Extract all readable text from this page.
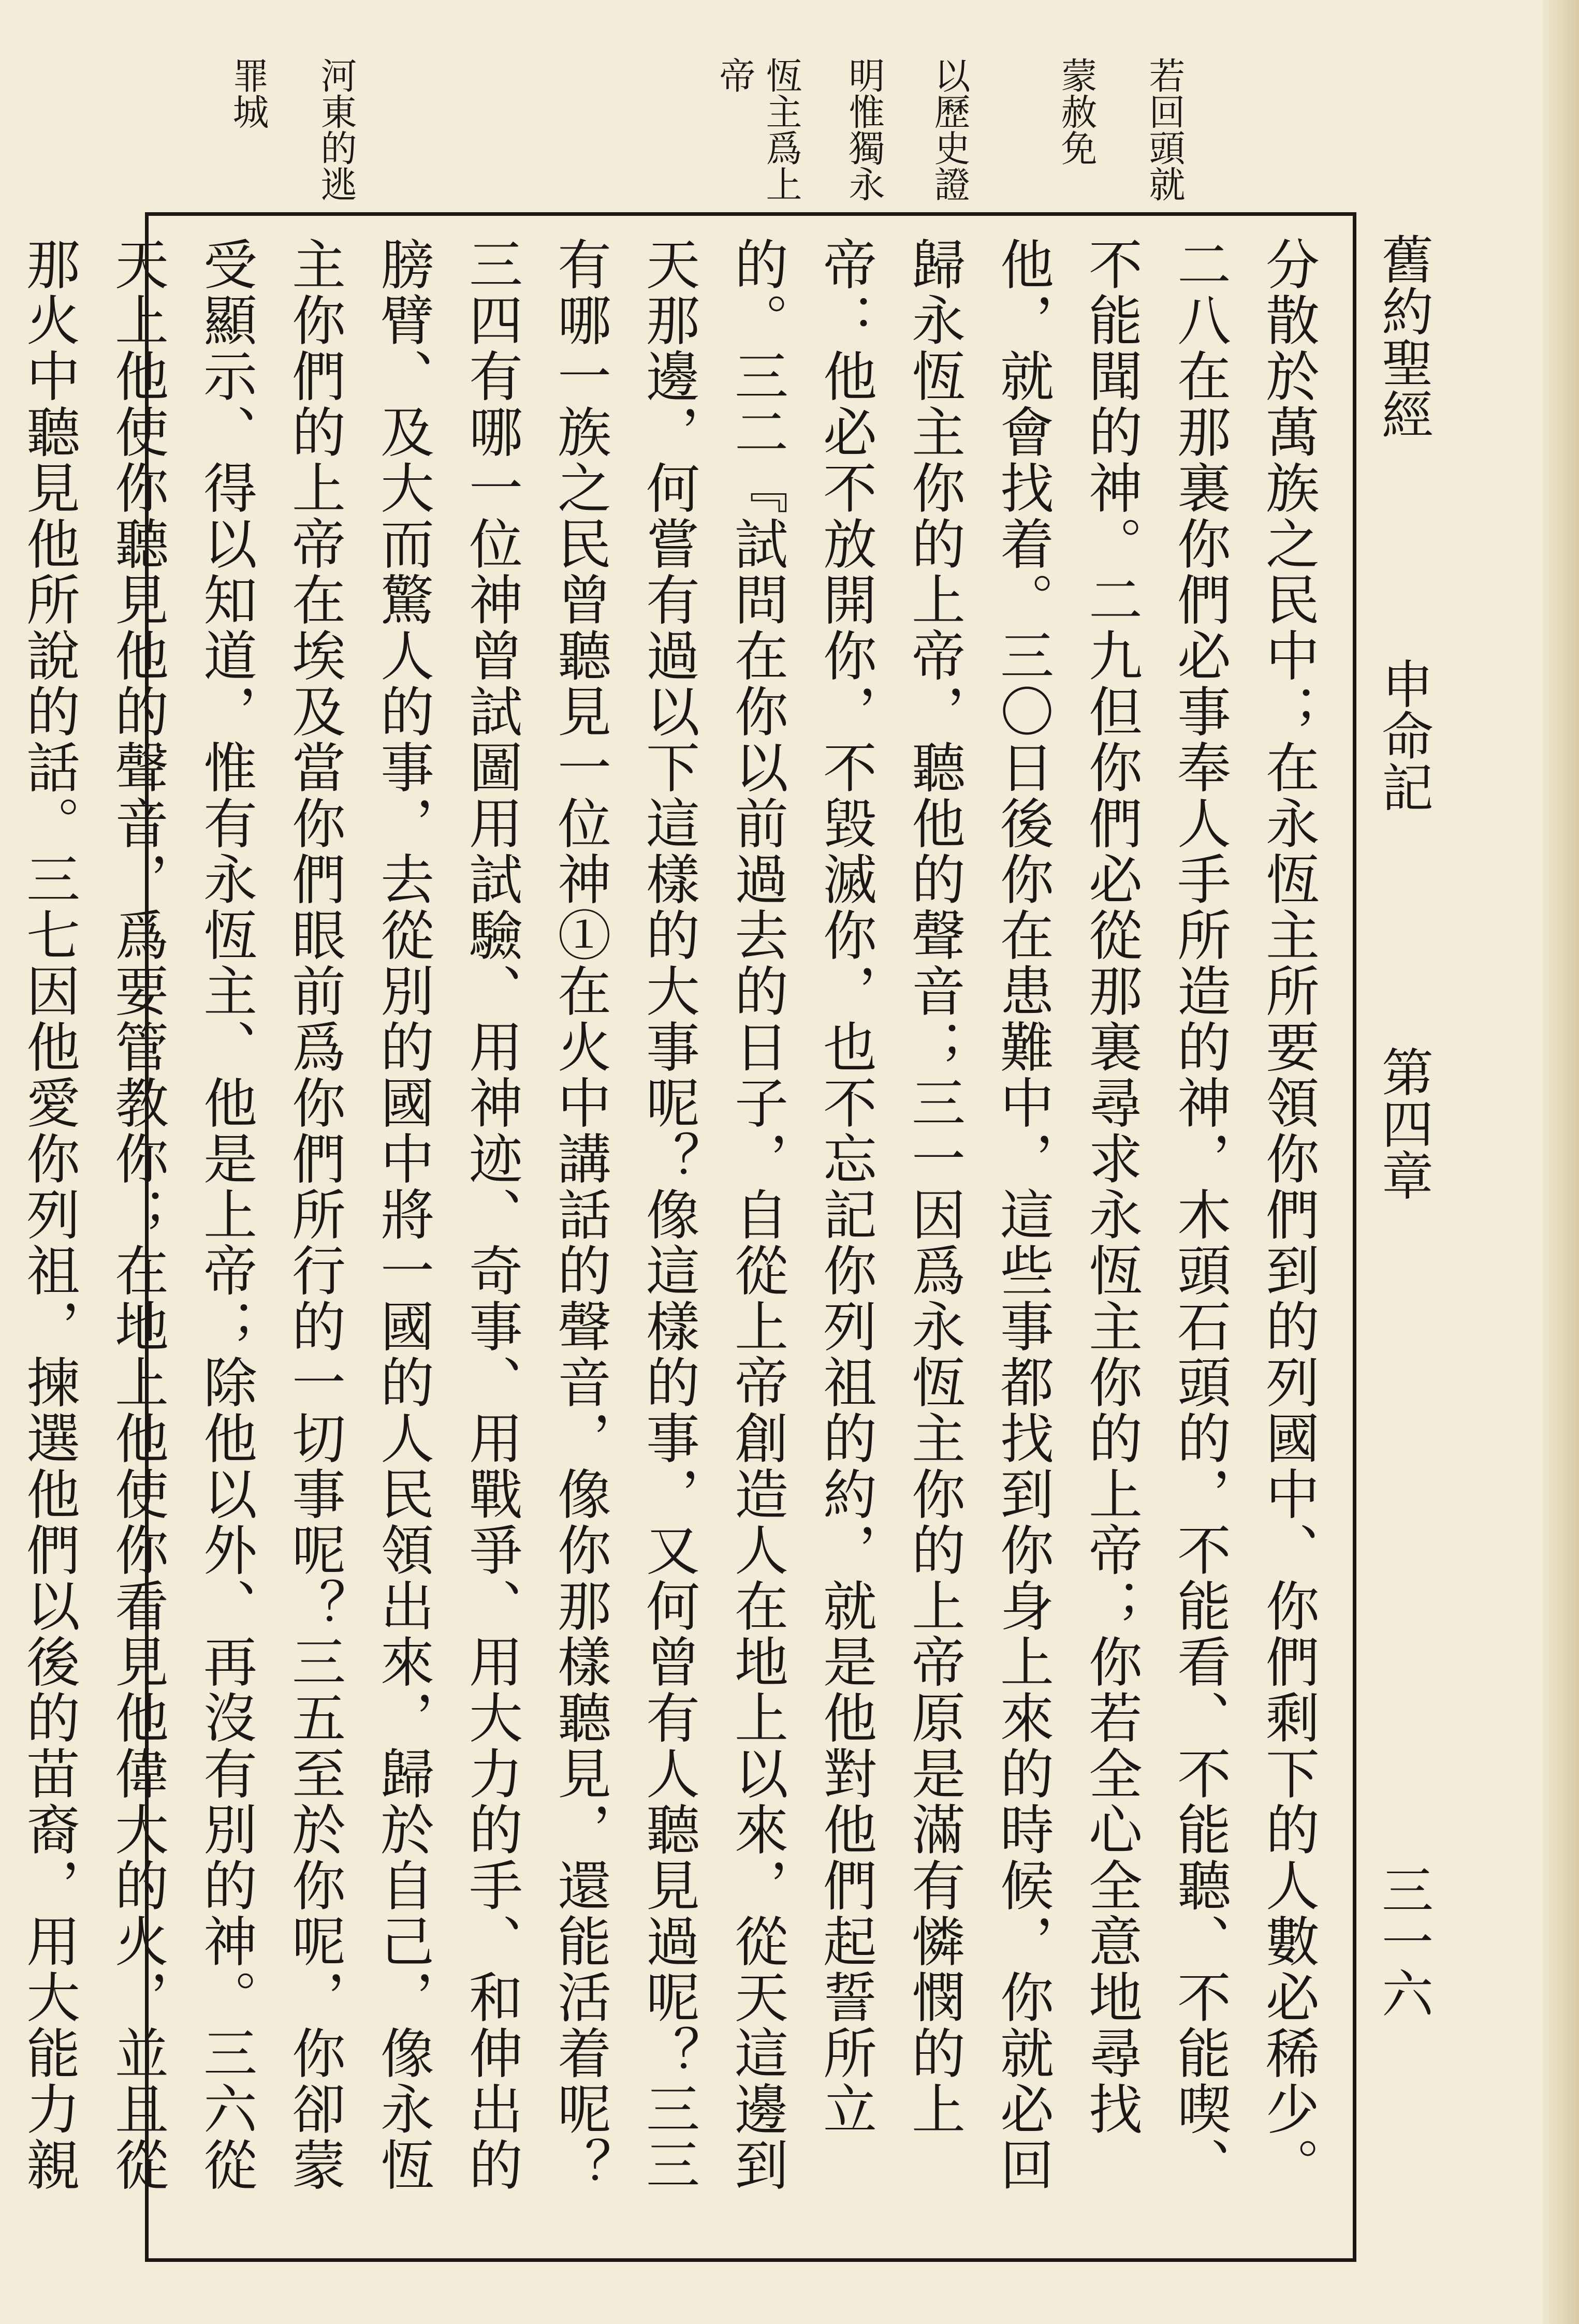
若回頭就
蒙赦免
以歷史證
明惟獨永
恆主爲上
帝
河東的逃
罪城
舊約聖經
申命記
第四章
三一六

分散於萬族之民中；在永恆主所要領你們到的列國中、你們剩下的人數必稀少。二八在那裏你們必事奉人手所造的神，木頭石頭的，不能看、不能聽、不能喫、不能聞的神。二九但你們必從那裏尋求永恆主你的上帝；你若全心全意地尋找他，就會找着。三〇日後你在患難中，這些事都找到你身上來的時候，你就必回歸永恆主你的上帝，聽他的聲音；三一因爲永恆主你的上帝原是滿有憐憫的上帝：他必不放開你，不毀滅你，也不忘記你列祖的約，就是他對他們起誓所立的。三二『試問在你以前過去的日子，自從上帝創造人在地上以來，從天這邊到天那邊，何嘗有過以下這樣的大事呢？像這樣的事，又何曾有人聽見過呢？三三有哪一族之民曾聽見一位神①在火中講話的聲音，像你那樣聽見，還能活着呢？三四有哪一位神曾試圖用試驗、用神迹、奇事、用戰爭、用大力的手、和伸出的膀臂、及大而驚人的事，去從別的國中將一國的人民領出來，歸於自己，像永恆主你們的上帝在埃及當你們眼前爲你們所行的一切事呢？三五至於你呢，你卻蒙受顯示、得以知道，惟有永恆主、他是上帝；除他以外、再沒有別的神。三六從天上他使你聽見他的聲音，爲要管教你；在地上他使你看見他偉大的火，並且從那火中聽見他所說的話。三七因他愛你列祖，揀選他們以後的苗裔，用大能力親
